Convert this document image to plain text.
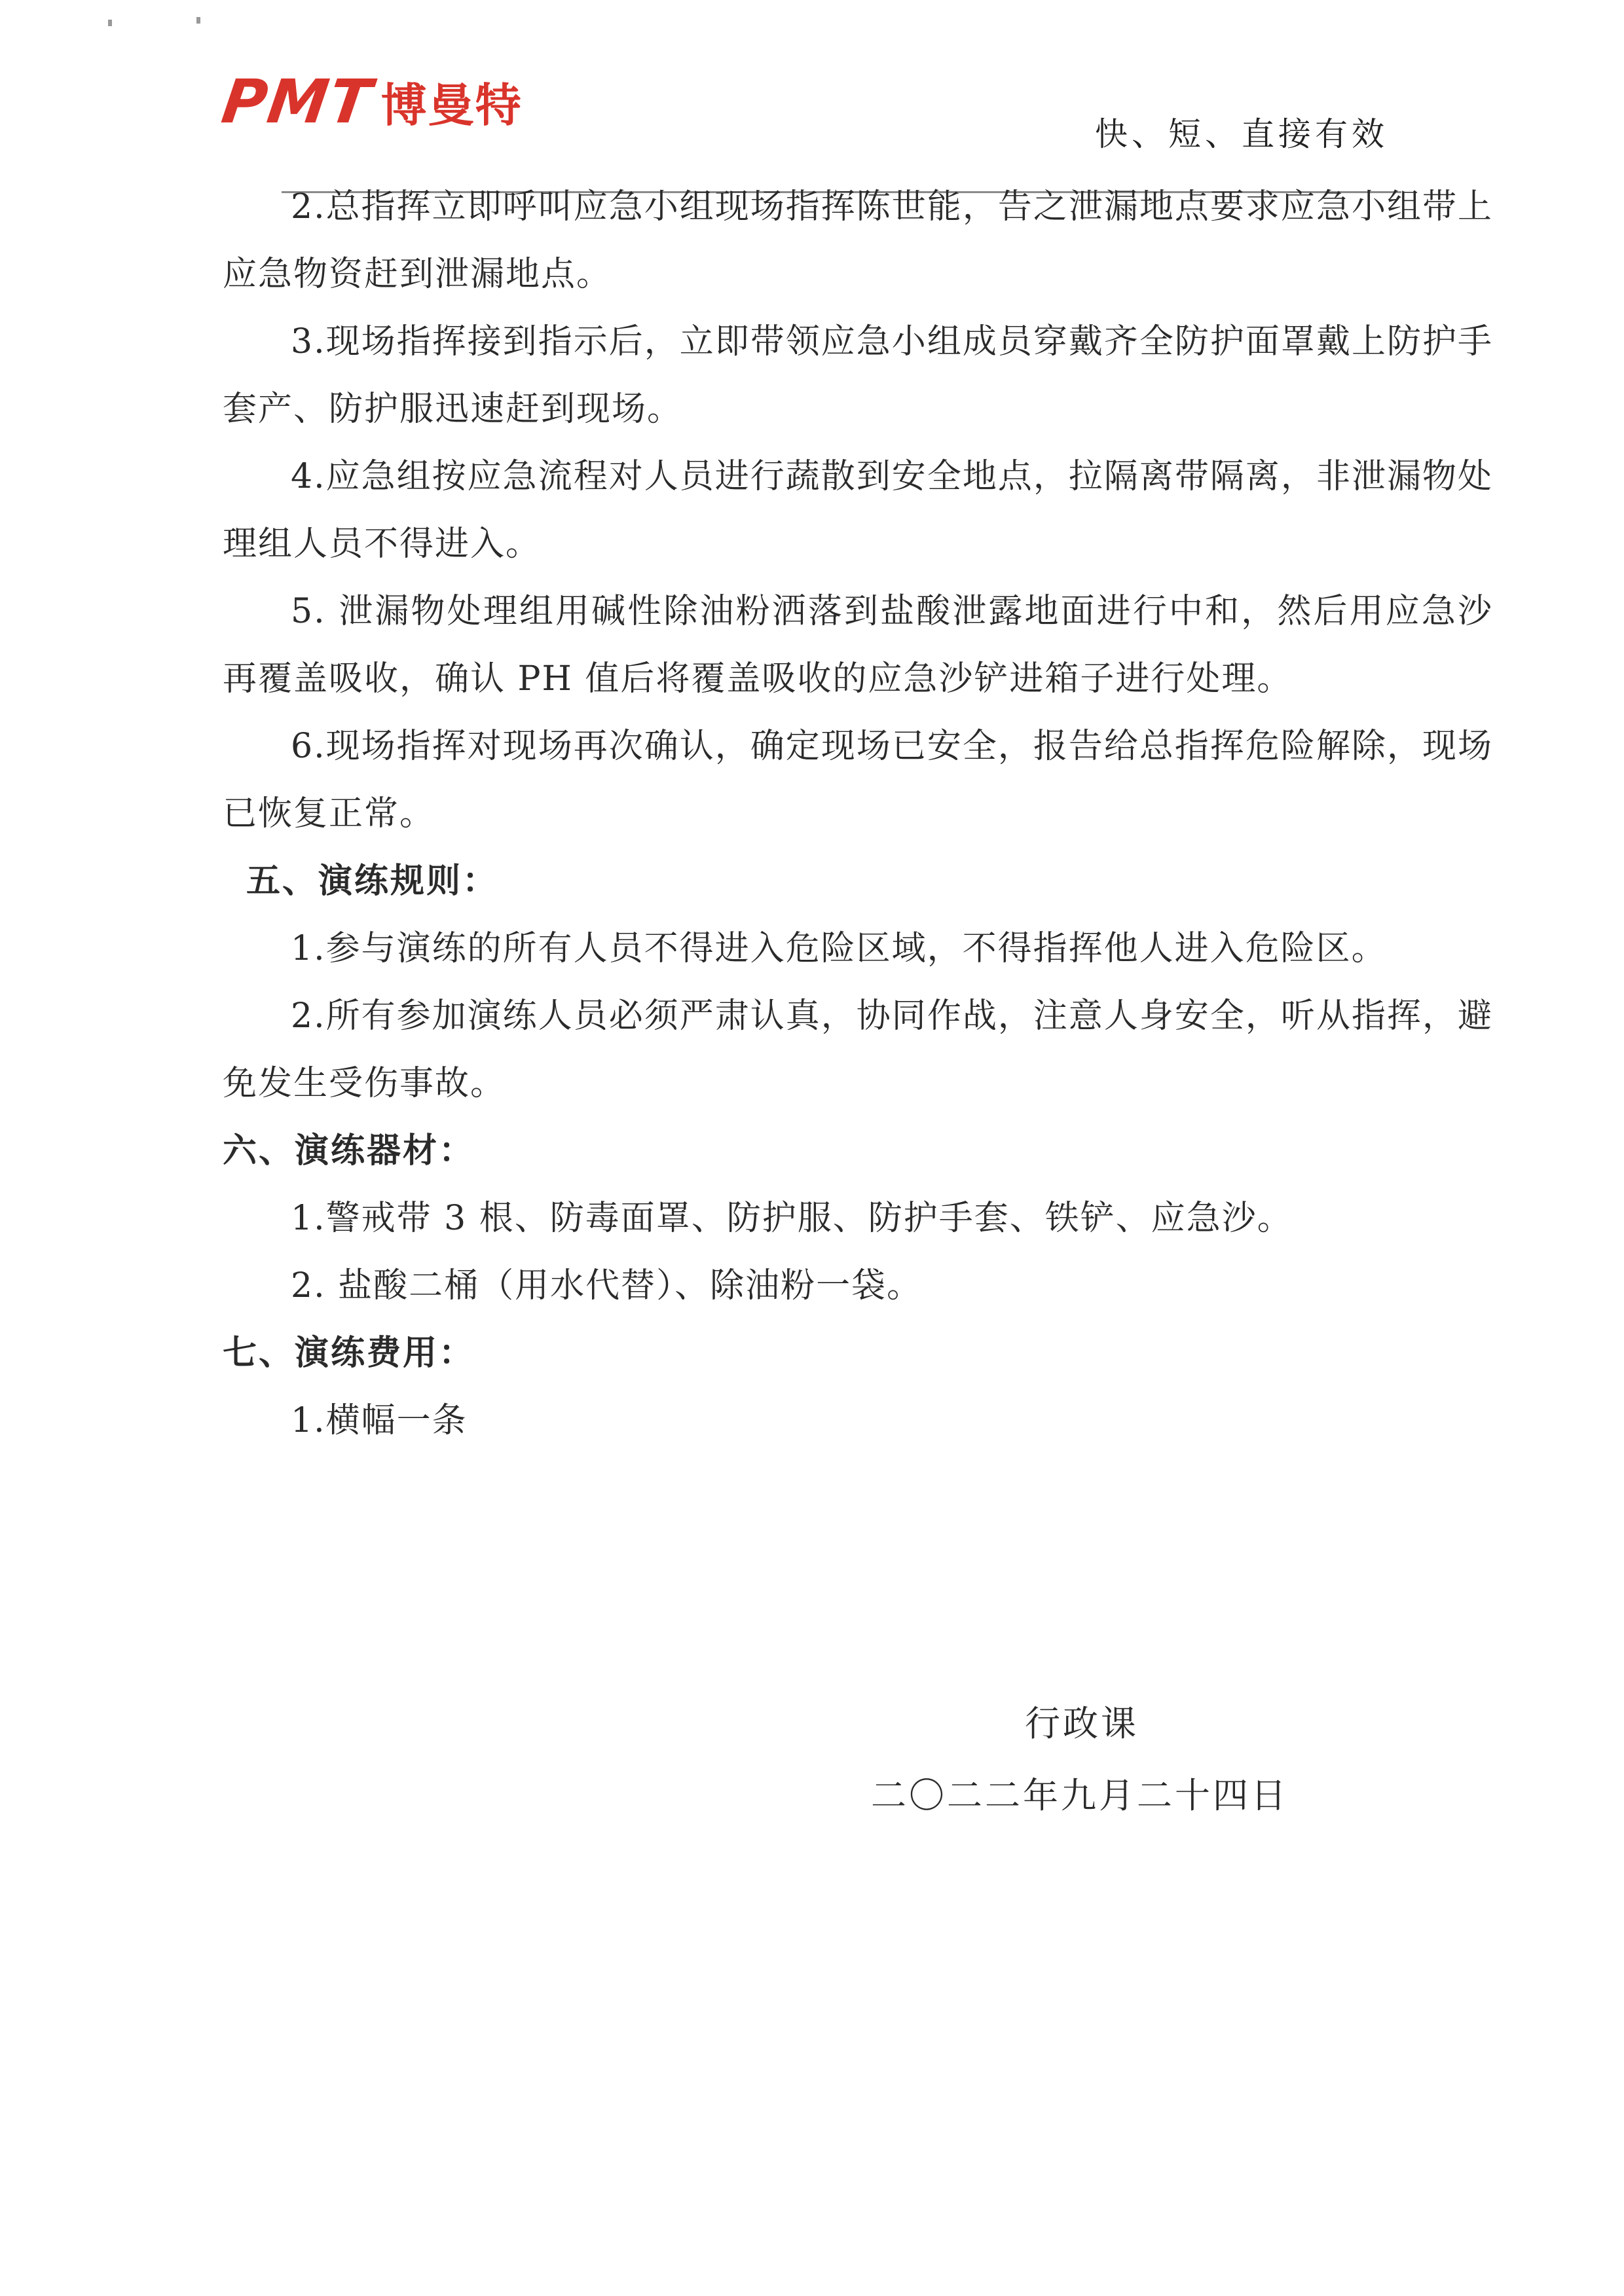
PMT 博曼特
快、短、直接有效

2.总指挥立即呼叫应急小组现场指挥陈世能，告之泄漏地点要求应急小组带上应急物资赶到泄漏地点。

3.现场指挥接到指示后，立即带领应急小组成员穿戴齐全防护面罩戴上防护手套产、防护服迅速赶到现场。

4.应急组按应急流程对人员进行蔬散到安全地点，拉隔离带隔离，非泄漏物处理组人员不得进入。

5. 泄漏物处理组用碱性除油粉洒落到盐酸泄露地面进行中和，然后用应急沙再覆盖吸收，确认 PH 值后将覆盖吸收的应急沙铲进箱子进行处理。

6.现场指挥对现场再次确认，确定现场已安全，报告给总指挥危险解除，现场已恢复正常。

五、演练规则：

1.参与演练的所有人员不得进入危险区域，不得指挥他人进入危险区。

2.所有参加演练人员必须严肃认真，协同作战，注意人身安全，听从指挥，避免发生受伤事故。

六、演练器材：

1.警戒带 3 根、防毒面罩、防护服、防护手套、铁铲、应急沙。

2. 盐酸二桶（用水代替）、除油粉一袋。

七、演练费用：

1.横幅一条

行政课
二〇二二年九月二十四日
